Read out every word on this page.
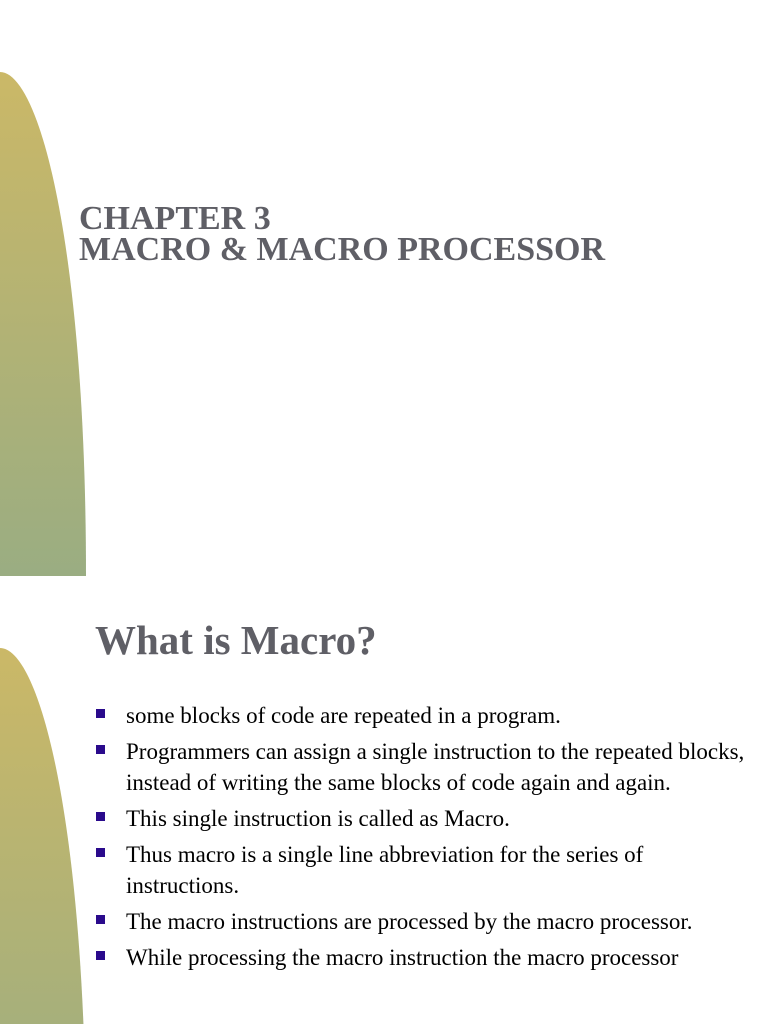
CHAPTER 3
MACRO & MACRO PROCESSOR
What is Macro?
some blocks of code are repeated in a program.
Programmers can assign a single instruction to the repeated blocks, instead of writing the same blocks of code again and again.
This single instruction is called as Macro.
Thus macro is a single line abbreviation for the series of instructions.
The macro instructions are processed by the macro processor.
While processing the macro instruction the macro processor
